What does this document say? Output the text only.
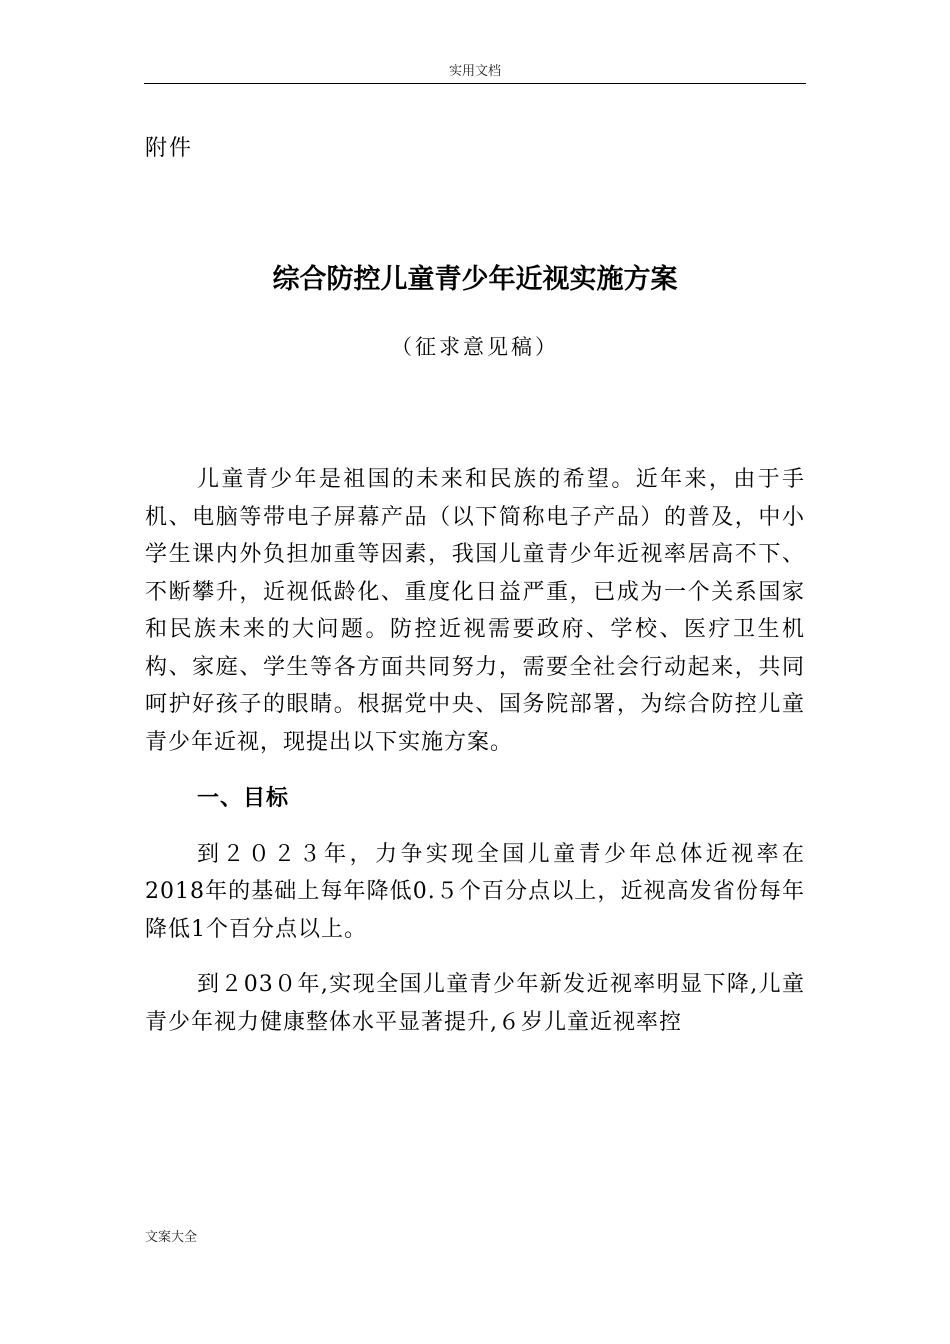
实用文档
附件
综合防控儿童青少年近视实施方案
（征求意见稿）

儿童青少年是祖国的未来和民族的希望。近年来，由于手机、电脑等带电子屏幕产品（以下简称电子产品）的普及，中小学生课内外负担加重等因素，我国儿童青少年近视率居高不下、不断攀升，近视低龄化、重度化日益严重，已成为一个关系国家和民族未来的大问题。防控近视需要政府、学校、医疗卫生机构、家庭、学生等各方面共同努力，需要全社会行动起来，共同呵护好孩子的眼睛。根据党中央、国务院部署，为综合防控儿童青少年近视，现提出以下实施方案。

一、目标

到２０２３年，力争实现全国儿童青少年总体近视率在2018年的基础上每年降低0.５个百分点以上，近视高发省份每年降低1个百分点以上。

到２03０年,实现全国儿童青少年新发近视率明显下降,儿童青少年视力健康整体水平显著提升,６岁儿童近视率控

文案大全
